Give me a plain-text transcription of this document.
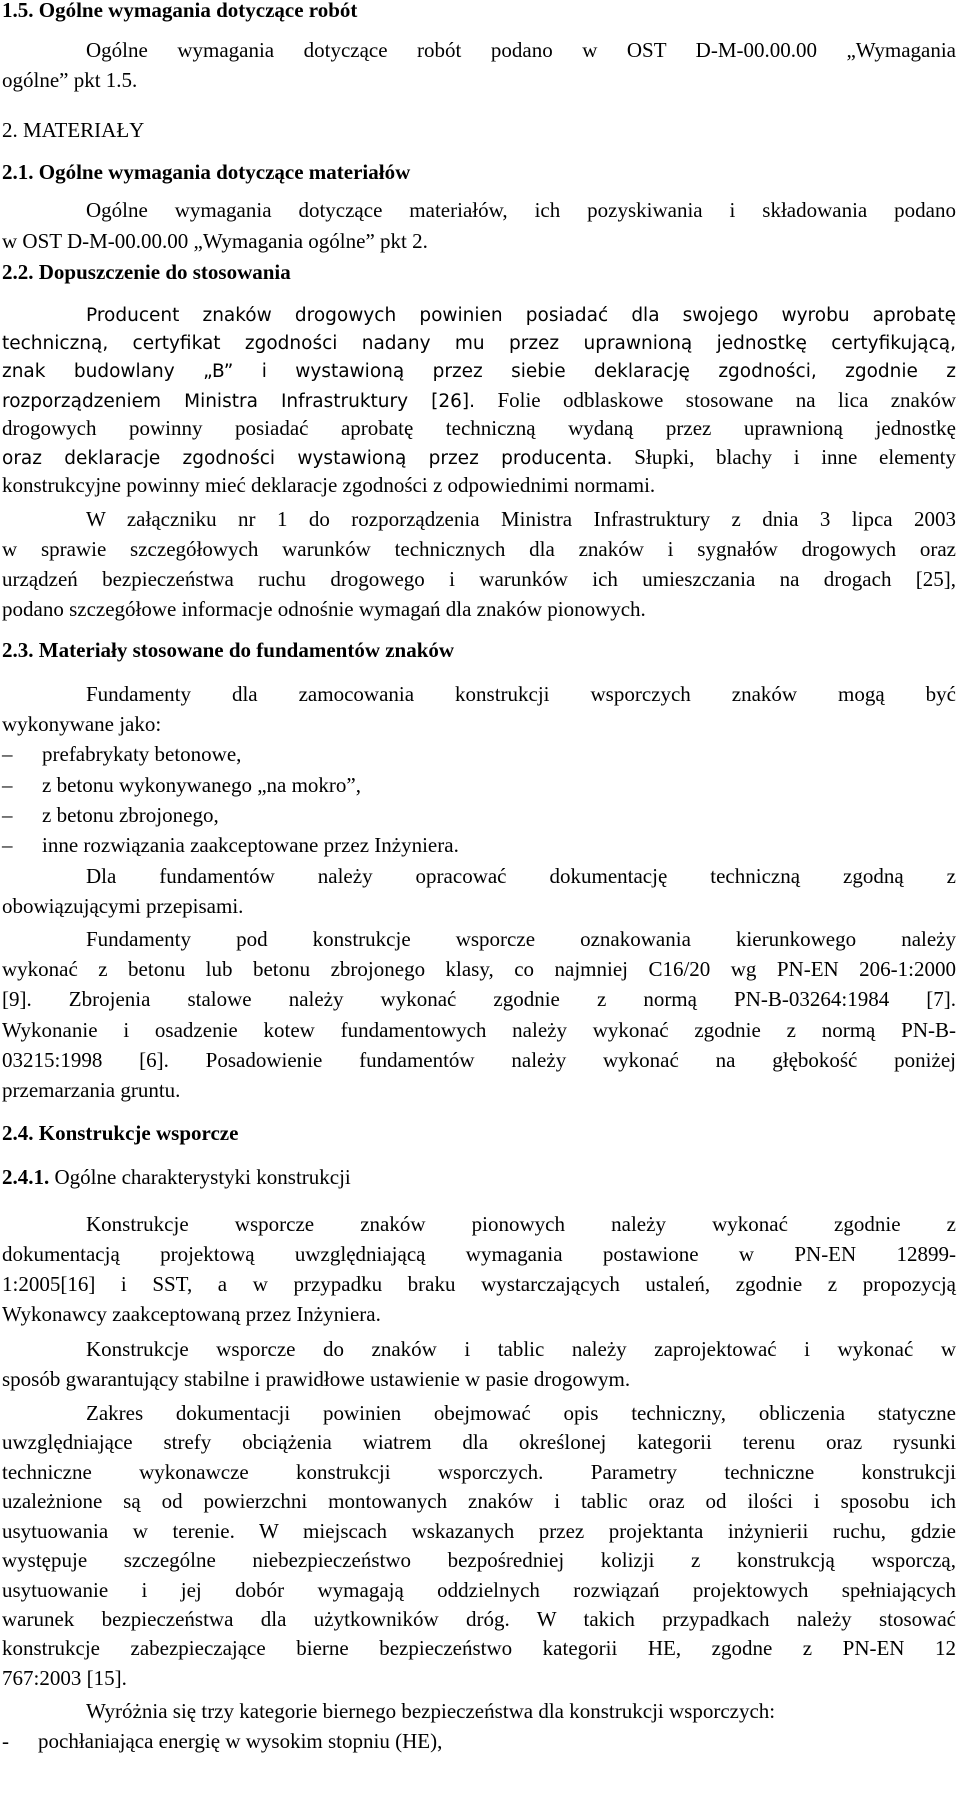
1.5. Ogólne wymagania dotyczące robót
Ogólne wymagania dotyczące robót podano w OST D-M-00.00.00 „Wymagania
ogólne” pkt 1.5.
2. MATERIAŁY
2.1. Ogólne wymagania dotyczące materiałów
Ogólne wymagania dotyczące materiałów, ich pozyskiwania i składowania podano
w OST D-M-00.00.00 „Wymagania ogólne” pkt 2.
2.2. Dopuszczenie do stosowania
Producent znaków drogowych powinien posiadać dla swojego wyrobu aprobatę
techniczną, certyfikat zgodności nadany mu przez uprawnioną jednostkę certyfikującą,
znak budowlany „B” i wystawioną przez siebie deklarację zgodności, zgodnie z
rozporządzeniem Ministra Infrastruktury [26]. Folie odblaskowe stosowane na lica znaków
drogowych powinny posiadać aprobatę techniczną wydaną przez uprawnioną jednostkę
oraz deklaracje zgodności wystawioną przez producenta. Słupki, blachy i inne elementy
konstrukcyjne powinny mieć deklaracje zgodności z odpowiednimi normami.
W załączniku nr 1 do rozporządzenia Ministra Infrastruktury z dnia 3 lipca 2003
w sprawie szczegółowych warunków technicznych dla znaków i sygnałów drogowych oraz
urządzeń bezpieczeństwa ruchu drogowego i warunków ich umieszczania na drogach [25],
podano szczegółowe informacje odnośnie wymagań dla znaków pionowych.
2.3. Materiały stosowane do fundamentów znaków
Fundamenty dla zamocowania konstrukcji wsporczych znaków mogą być
wykonywane jako:
– prefabrykaty betonowe,
– z betonu wykonywanego „na mokro”,
– z betonu zbrojonego,
– inne rozwiązania zaakceptowane przez Inżyniera.
Dla fundamentów należy opracować dokumentację techniczną zgodną z
obowiązującymi przepisami.
Fundamenty pod konstrukcje wsporcze oznakowania kierunkowego należy
wykonać z betonu lub betonu zbrojonego klasy, co najmniej C16/20 wg PN-EN 206-1:2000
[9]. Zbrojenia stalowe należy wykonać zgodnie z normą PN-B-03264:1984 [7].
Wykonanie i osadzenie kotew fundamentowych należy wykonać zgodnie z normą PN-B-
03215:1998 [6]. Posadowienie fundamentów należy wykonać na głębokość poniżej
przemarzania gruntu.
2.4. Konstrukcje wsporcze
2.4.1. Ogólne charakterystyki konstrukcji
Konstrukcje wsporcze znaków pionowych należy wykonać zgodnie z
dokumentacją projektową uwzględniającą wymagania postawione w PN-EN 12899-
1:2005[16] i SST, a w przypadku braku wystarczających ustaleń, zgodnie z propozycją
Wykonawcy zaakceptowaną przez Inżyniera.
Konstrukcje wsporcze do znaków i tablic należy zaprojektować i wykonać w
sposób gwarantujący stabilne i prawidłowe ustawienie w pasie drogowym.
Zakres dokumentacji powinien obejmować opis techniczny, obliczenia statyczne
uwzględniające strefy obciążenia wiatrem dla określonej kategorii terenu oraz rysunki
techniczne wykonawcze konstrukcji wsporczych. Parametry techniczne konstrukcji
uzależnione są od powierzchni montowanych znaków i tablic oraz od ilości i sposobu ich
usytuowania w terenie. W miejscach wskazanych przez projektanta inżynierii ruchu, gdzie
występuje szczególne niebezpieczeństwo bezpośredniej kolizji z konstrukcją wsporczą,
usytuowanie i jej dobór wymagają oddzielnych rozwiązań projektowych spełniających
warunek bezpieczeństwa dla użytkowników dróg. W takich przypadkach należy stosować
konstrukcje zabezpieczające bierne bezpieczeństwo kategorii HE, zgodne z PN-EN 12
767:2003 [15].
Wyróżnia się trzy kategorie biernego bezpieczeństwa dla konstrukcji wsporczych:
- pochłaniająca energię w wysokim stopniu (HE),
